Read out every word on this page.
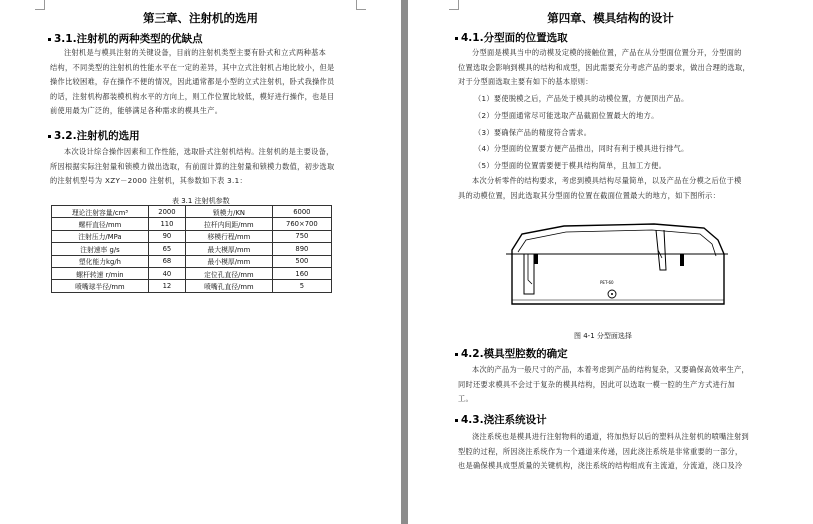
第三章、注射机的选用
3.1.注射机的两种类型的优缺点

注射机是与模具注射的关键设备，目前的注射机类型主要有卧式和立式两种基本

结构，不同类型的注射机的性能水平在一定的差异，其中立式注射机占地比较小，但是

操作比较困难，存在操作不便的情况，因此通常都是小型的立式注射机，卧式我操作员

的话，注射机构都装模机构水平的方向上，则工作位置比较低，模好进行操作，也是目

前使用最为广泛的，能够满足各种需求的模具生产。

3.2.注射机的选用

本次设计综合操作因素和工作性能，选取卧式注射机结构。注射机的是主要设备，

所因根据实际注射量和锁模力做出选取，有前面计算的注射量和锁模力数值，初步选取

的注射机型号为 XZY－2000 注射机，其参数如下表 3.1：

表 3.1 注射机参数
理论注射容量/cm³	2000	锁模力/KN	6000
螺杆直径/mm	110	拉杆内间距/mm	760×700
注射压力/MPa	90	移模行程/mm	750
注射速率 g/s	65	最大模厚/mm	890
塑化能力kg/h	68	最小模厚/mm	500
螺杆转速 r/min	40	定位孔直径/mm	160
喷嘴球半径/mm	12	喷嘴孔直径/mm	5
第四章、模具结构的设计
4.1.分型面的位置选取

分型面是模具当中的动模及定模的接触位置，产品在从分型面位置分开，分型面的

位置选取会影响到模具的结构和成型，因此需要充分考虑产品的要求，做出合理的选取，

对于分型面选取主要有如下的基本原则：

（1）要使脱模之后，产品处于模具的动模位置，方便顶出产品。
（2）分型面通常尽可能选取产品截面位置最大的地方。
（3）要确保产品的精度符合需求。
（4）分型面的位置要方便产品推出，同时有利于模具进行排气。
（5）分型面的位置需要便于模具结构简单，且加工方便。

本次分析零件的结构要求，考虑到模具结构尽量简单，以及产品在分模之后位于模

具的动模位置，因此选取其分型面的位置在截面位置最大的地方，如下图所示：

PET-60
图 4-1 分型面选择
4.2.模具型腔数的确定

本次的产品为一般尺寸的产品，本着考虑到产品的结构复杂，又要确保高效率生产，

同时还要求模具不会过于复杂的模具结构，因此可以选取一模一腔的生产方式进行加

工。

4.3.浇注系统设计

浇注系统也是模具进行注射物料的通道，将加热好以后的塑料从注射机的喷嘴注射到

型腔的过程，所因浇注系统作为一个通道来传递，因此浇注系统是非常重要的一部分，

也是确保模具成型质量的关键机构，浇注系统的结构组成有主流道，分流道，浇口及冷
